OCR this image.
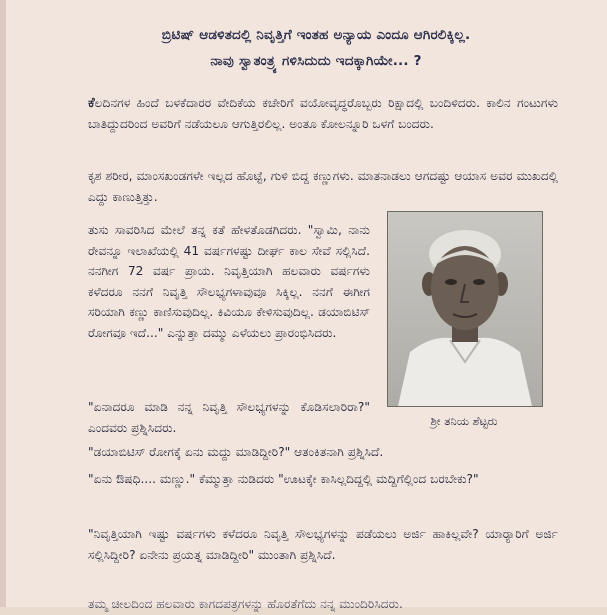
ಬ್ರಿಟಿಷ್ ಆಡಳಿತದಲ್ಲಿ ನಿವೃತ್ತಿಗೆ ಇಂತಹ ಅನ್ಯಾಯ ಎಂದೂ ಆಗಿರಲಿಕ್ಕಿಲ್ಲ.
ನಾವು ಸ್ವಾತಂತ್ರ್ಯ ಗಳಿಸಿದುದು ಇದಕ್ಕಾಗಿಯೇ... ?

ಕೆಲದಿನಗಳ ಹಿಂದೆ ಬಳಕೆದಾರರ ವೇದಿಕೆಯ ಕಚೇರಿಗೆ ವಯೋವೃದ್ಧರೊಬ್ಬರು ರಿಕ್ಷಾದಲ್ಲಿ ಬಂದಿಳಿದರು. ಕಾಲಿನ ಗಂಟುಗಳು ಬಾತಿದ್ದುದರಿಂದ ಅವರಿಗೆ ನಡೆಯಲೂ ಆಗುತ್ತಿರಲಿಲ್ಲ. ಅಂತೂ ಕೋಲನ್ನೂರಿ ಒಳಗೆ ಬಂದರು.

ಕೃಶ ಶರೀರ, ಮಾಂಸಖಂಡಗಳೇ ಇಲ್ಲದ ಹೊಟ್ಟೆ, ಗುಳಿ ಬಿದ್ದ ಕಣ್ಣುಗಳು. ಮಾತನಾಡಲು ಆಗದಷ್ಟು ಆಯಾಸ ಅವರ ಮುಖದಲ್ಲಿ ಎದ್ದು ಕಾಣುತ್ತಿತ್ತು.

ತುಸು ಸಾವರಿಸಿದ ಮೇಲೆ ತನ್ನ ಕತೆ ಹೇಳತೊಡಗಿದರು. "ಸ್ವಾಮಿ, ನಾನು ರೇವನ್ನೂ ಇಲಾಖೆಯಲ್ಲಿ 41 ವರ್ಷಗಳಷ್ಟು ದೀರ್ಘ ಕಾಲ ಸೇವೆ ಸಲ್ಲಿಸಿದೆ. ನನಗೀಗ 72 ವರ್ಷ ಪ್ರಾಯ. ನಿವೃತ್ತಿಯಾಗಿ ಹಲವಾರು ವರ್ಷಗಳು ಕಳೆದರೂ ನನಗೆ ನಿವೃತ್ತಿ ಸೌಲಭ್ಯಗಳಾವುವೂ ಸಿಕ್ಕಿಲ್ಲ. ನನಗೆ ಈಗೀಗ ಸರಿಯಾಗಿ ಕಣ್ಣು ಕಾಣಿಸುವುದಿಲ್ಲ. ಕಿವಿಯೂ ಕೇಳಿಸುವುದಿಲ್ಲ. ಡಯಾಬಿಟಿಸ್ ರೋಗವೂ ಇದೆ..." ಎನ್ನುತ್ತಾ ದಮ್ಮು ಎಳೆಯಲು ಪ್ರಾರಂಭಿಸಿದರು.

ಶ್ರೀ ತನಿಯ ಶೆಟ್ಟರು

"ಏನಾದರೂ ಮಾಡಿ ನನ್ನ ನಿವೃತ್ತಿ ಸೌಲಭ್ಯಗಳನ್ನು ಕೊಡಿಸಲಾರಿರಾ?" ಎಂದವರು ಪ್ರಶ್ನಿಸಿದರು.

"ಡಯಾಬಿಟಿಸ್ ರೋಗಕ್ಕೆ ಏನು ಮದ್ದು ಮಾಡಿದ್ದೀರಿ?" ಆತಂಕಿತನಾಗಿ ಪ್ರಶ್ನಿಸಿದೆ.

"ಏನು ಔಷಧಿ.... ಮಣ್ಣು." ಕೆಮ್ಮುತ್ತಾ ನುಡಿದರು "ಊಟಕ್ಕೇ ಕಾಸಿಲ್ಲದಿದ್ದಲ್ಲಿ ಮದ್ದಿಗೆಲ್ಲಿಂದ ಬರಬೇಕು?"

"ನಿವೃತ್ತಿಯಾಗಿ ಇಷ್ಟು ವರ್ಷಗಳು ಕಳೆದರೂ ನಿವೃತ್ತಿ ಸೌಲಭ್ಯಗಳನ್ನು ಪಡೆಯಲು ಅರ್ಜಿ ಹಾಕಿಲ್ಲವೇ? ಯಾರ್‍ಯಾರಿಗೆ ಅರ್ಜಿ ಸಲ್ಲಿಸಿದ್ದೀರಿ? ಏನೇನು ಪ್ರಯತ್ನ ಮಾಡಿದ್ದೀರಿ" ಮುಂತಾಗಿ ಪ್ರಶ್ನಿಸಿದೆ.

ತಮ್ಮ ಚೀಲದಿಂದ ಹಲವಾರು ಕಾಗದಪತ್ರಗಳನ್ನು ಹೊರತೆಗೆದು ನನ್ನ ಮುಂದಿರಿಸಿದರು.
